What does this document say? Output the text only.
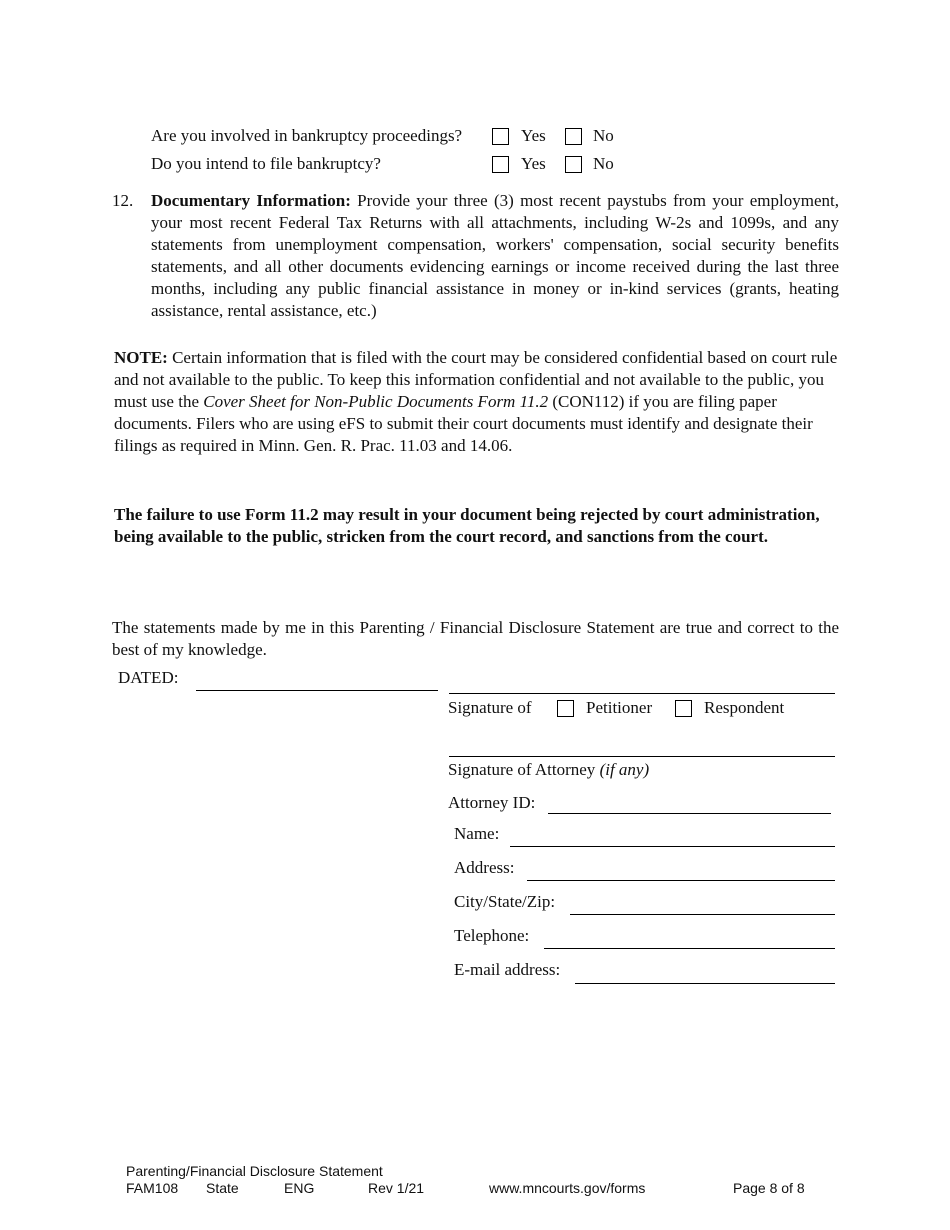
Are you involved in bankruptcy proceedings?	Yes	No
Do you intend to file bankruptcy?	Yes	No
12. Documentary Information: Provide your three (3) most recent paystubs from your employment, your most recent Federal Tax Returns with all attachments, including W-2s and 1099s, and any statements from unemployment compensation, workers' compensation, social security benefits statements, and all other documents evidencing earnings or income received during the last three months, including any public financial assistance in money or in-kind services (grants, heating assistance, rental assistance, etc.)

NOTE: Certain information that is filed with the court may be considered confidential based on court rule and not available to the public. To keep this information confidential and not available to the public, you must use the Cover Sheet for Non-Public Documents Form 11.2 (CON112) if you are filing paper documents. Filers who are using eFS to submit their court documents must identify and designate their filings as required in Minn. Gen. R. Prac. 11.03 and 14.06.

The failure to use Form 11.2 may result in your document being rejected by court administration, being available to the public, stricken from the court record, and sanctions from the court.
The statements made by me in this Parenting / Financial Disclosure Statement are true and correct to the best of my knowledge.
DATED:
Signature of	Petitioner	Respondent
Signature of Attorney (if any)
Attorney ID:
Name:
Address:
City/State/Zip:
Telephone:
E-mail address:
Parenting/Financial Disclosure Statement
FAM108 State	ENG	Rev 1/21	www.mncourts.gov/forms	Page 8 of 8
